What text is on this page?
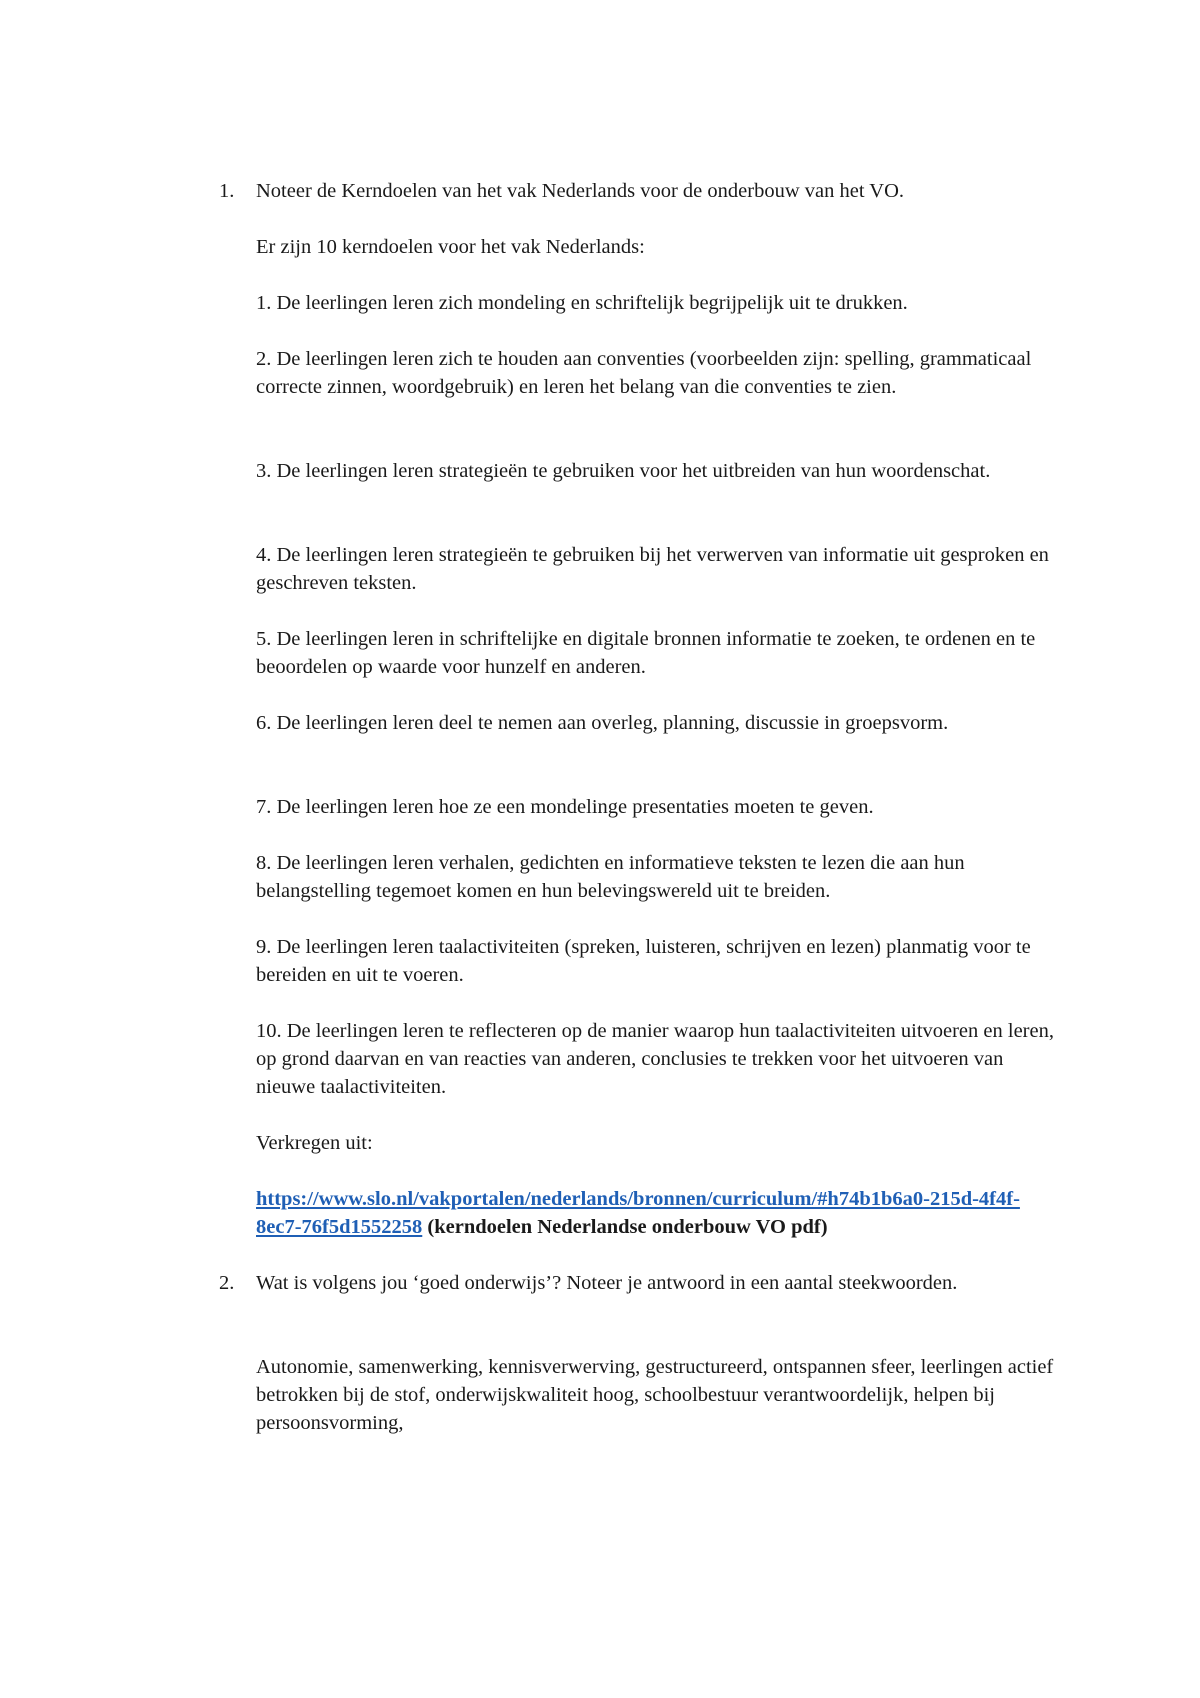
1.	Noteer de Kerndoelen van het vak Nederlands voor de onderbouw van het VO.

Er zijn 10 kerndoelen voor het vak Nederlands:

1. De leerlingen leren zich mondeling en schriftelijk begrijpelijk uit te drukken.

2. De leerlingen leren zich te houden aan conventies (voorbeelden zijn: spelling, grammaticaal correcte zinnen, woordgebruik) en leren het belang van die conventies te zien.

3. De leerlingen leren strategieën te gebruiken voor het uitbreiden van hun woordenschat.

4. De leerlingen leren strategieën te gebruiken bij het verwerven van informatie uit gesproken en geschreven teksten.

5. De leerlingen leren in schriftelijke en digitale bronnen informatie te zoeken, te ordenen en te beoordelen op waarde voor hunzelf en anderen.

6. De leerlingen leren deel te nemen aan overleg, planning, discussie in groepsvorm.

7. De leerlingen leren hoe ze een mondelinge presentaties moeten te geven.

8. De leerlingen leren verhalen, gedichten en informatieve teksten te lezen die aan hun belangstelling tegemoet komen en hun belevingswereld uit te breiden.

9. De leerlingen leren taalactiviteiten (spreken, luisteren, schrijven en lezen) planmatig voor te bereiden en uit te voeren.

10. De leerlingen leren te reflecteren op de manier waarop hun taalactiviteiten uitvoeren en leren, op grond daarvan en van reacties van anderen, conclusies te trekken voor het uitvoeren van nieuwe taalactiviteiten.

Verkregen uit:

https://www.slo.nl/vakportalen/nederlands/bronnen/curriculum/#h74b1b6a0-215d-4f4f-8ec7-76f5d1552258 (kerndoelen Nederlandse onderbouw VO pdf)

2.	Wat is volgens jou ‘goed onderwijs’? Noteer je antwoord in een aantal steekwoorden.

Autonomie, samenwerking, kennisverwerving, gestructureerd, ontspannen sfeer, leerlingen actief betrokken bij de stof, onderwijskwaliteit hoog, schoolbestuur verantwoordelijk, helpen bij persoonsvorming,
